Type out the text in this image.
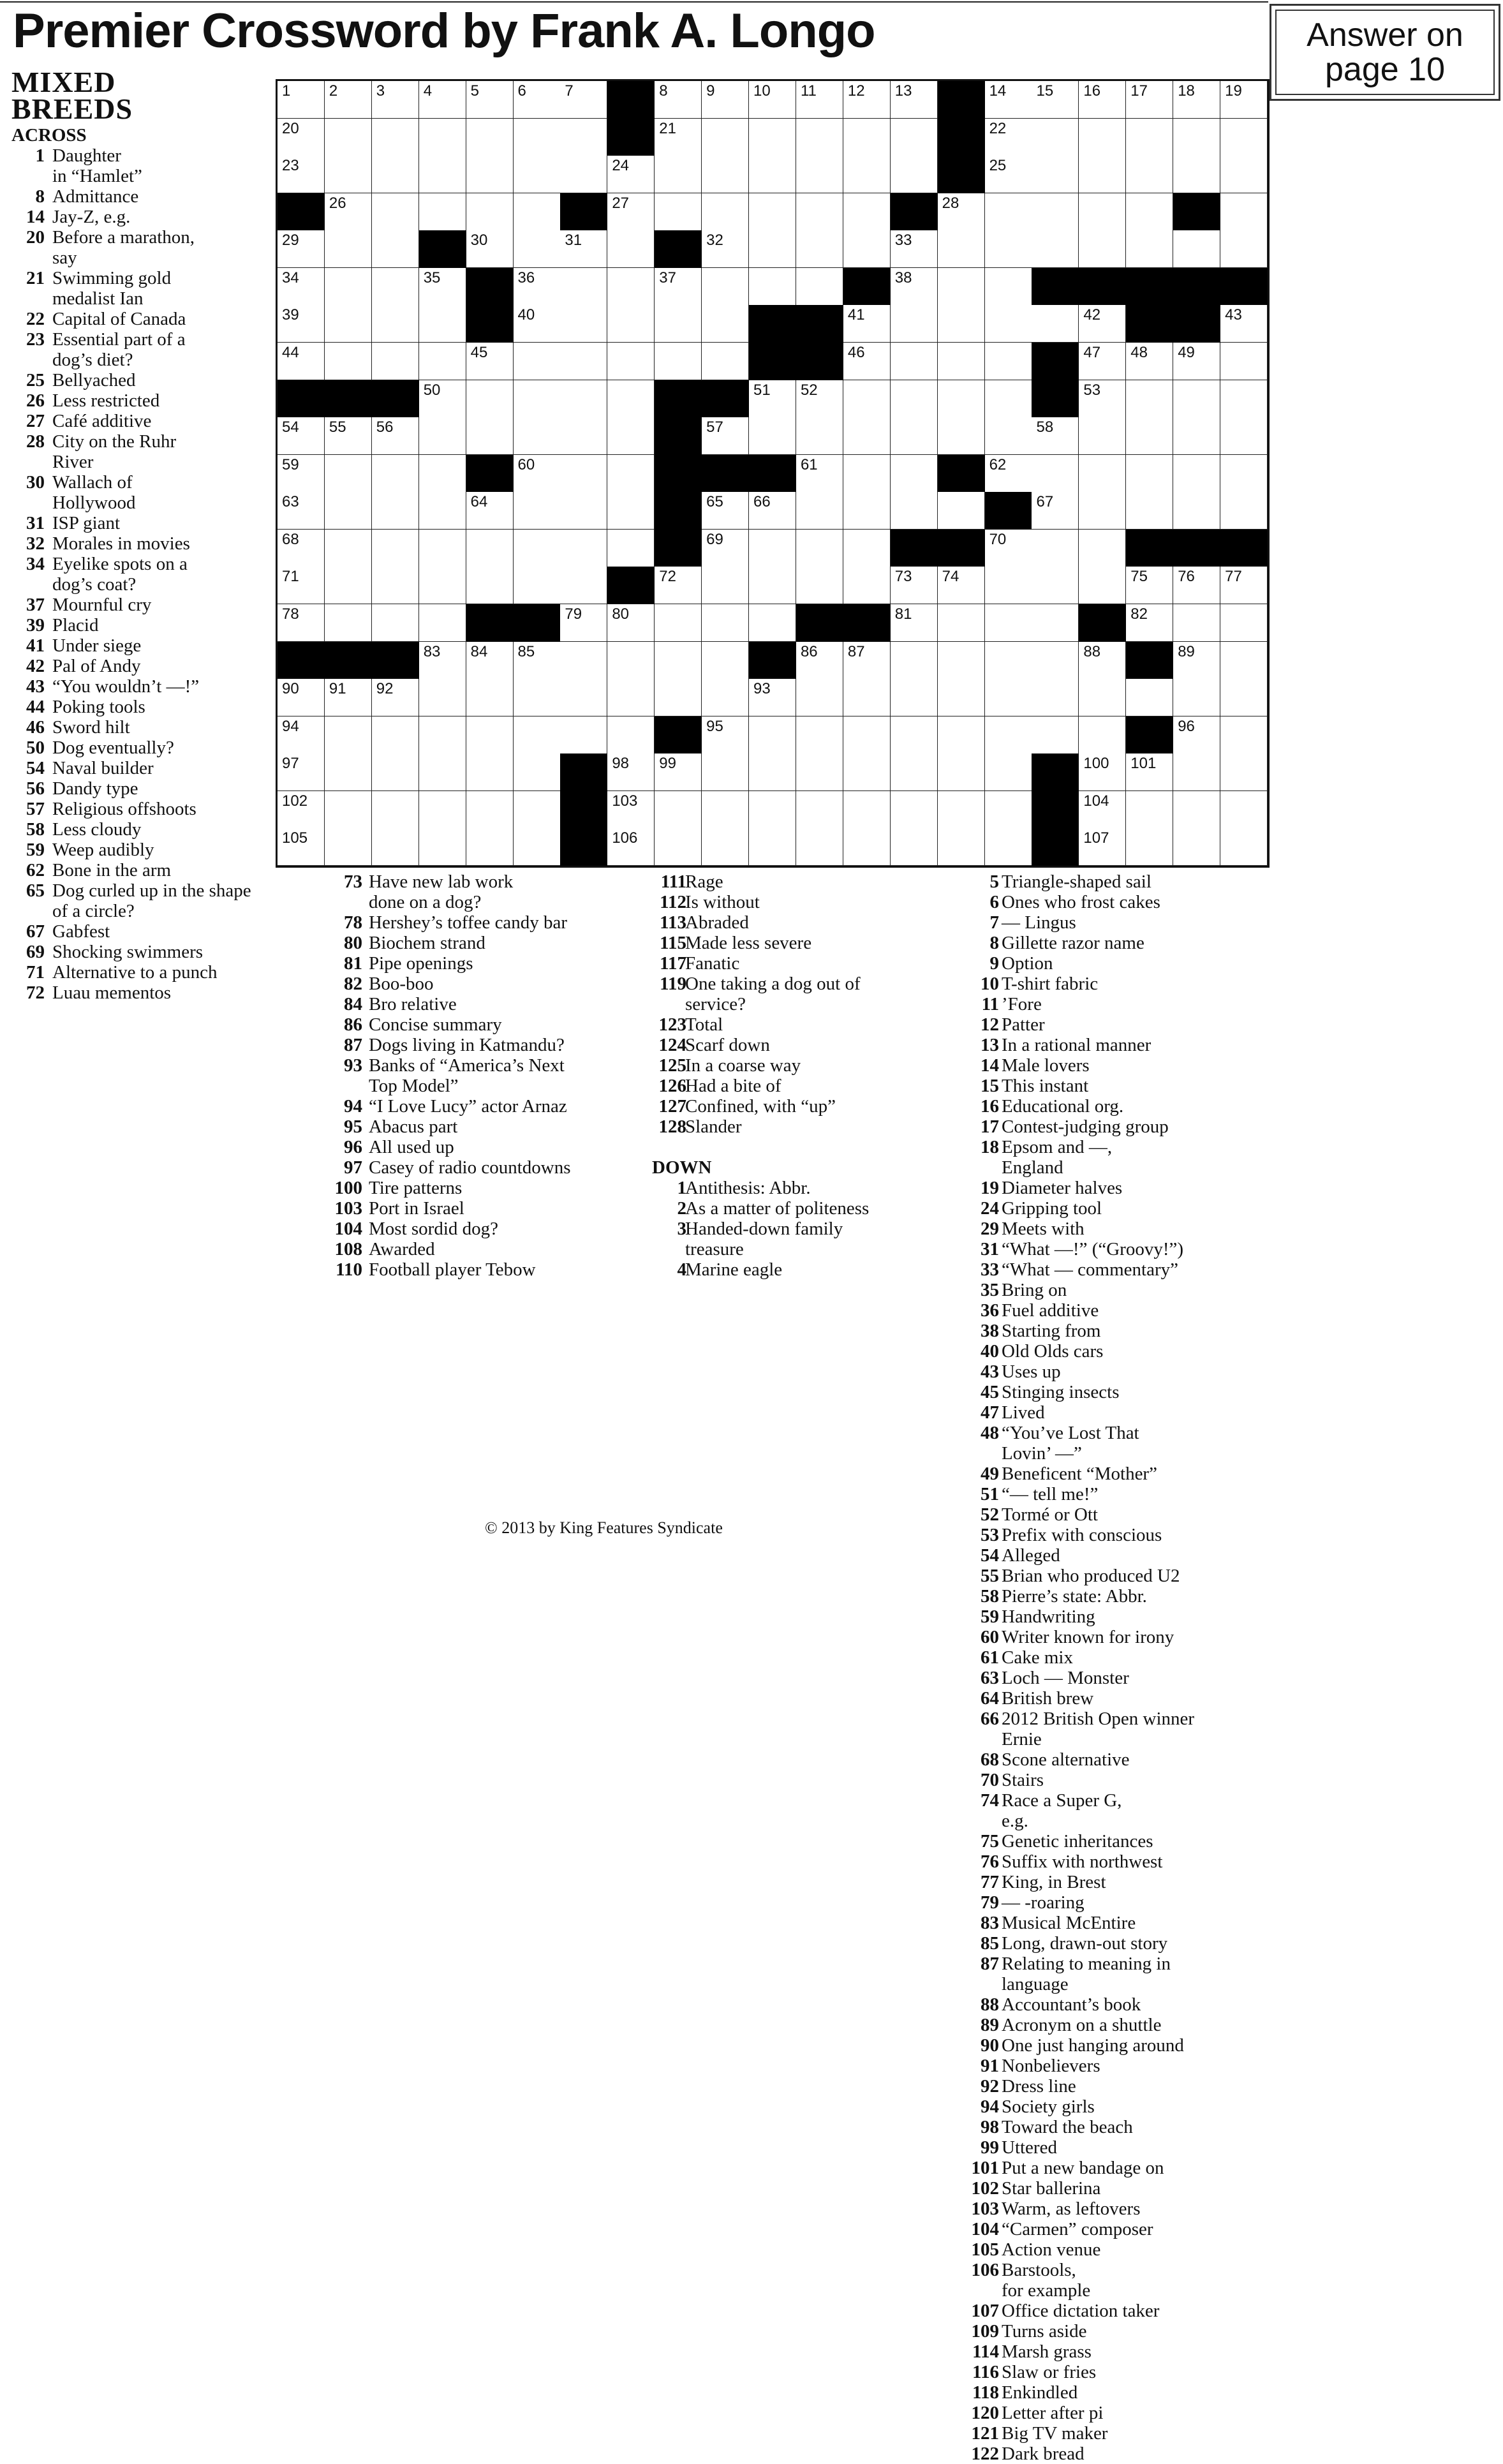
Premier Crossword by Frank A. Longo	Answer on
page 10
MIXED
BREEDS
1	2	3	4	5	6	7	8	9	10 11 12 13	14 15 16 17 18 19
20	21	22
23	24	25
26	27	28
29	30	31	32	33
34	35	36	37	38
39	40	41	42	43
44	45	46	47 48 49
50	51 52	53
54 55 56	57	58
59	60	61	62
63	64	65 66	67
68	69	70
71	72	73 74	75 76 77
78	79 80	81	82
83 84 85	86 87	88	89
90 91 92	93
94	95	96
97	98 99	100 101
102	103	104
105	106	107
ACROSS
1 Daughter
in “Hamlet”
8 Admittance
14 Jay-Z, e.g.
20 Before a marathon,
say
21 Swimming gold
medalist Ian
22 Capital of Canada
23 Essential part of a
dog’s diet?
25 Bellyached
26 Less restricted
27 Café additive
28 City on the Ruhr
River
30 Wallach of
Hollywood
31 ISP giant
32 Morales in movies
34 Eyelike spots on a
dog’s coat?
37 Mournful cry
39 Placid
41 Under siege
42 Pal of Andy
43 “You wouldn’t —!”
44 Poking tools
46 Sword hilt
50 Dog eventually?
54 Naval builder
56 Dandy type
57 Religious offshoots
58 Less cloudy
59 Weep audibly
62 Bone in the arm
65 Dog curled up in the shape
of a circle?
67 Gabfest
69 Shocking swimmers
71 Alternative to a punch
72 Luau mementos
73 Have new lab work
done on a dog?
78 Hershey’s toffee candy bar
80 Biochem strand
81 Pipe openings
82 Boo-boo
84 Bro relative
86 Concise summary
87 Dogs living in Katmandu?
93 Banks of “America’s Next
Top Model”
94 “I Love Lucy” actor Arnaz
95 Abacus part
96 All used up
97 Casey of radio countdowns
100 Tire patterns
103 Port in Israel
104 Most sordid dog?
108 Awarded
110 Football player Tebow
111
Rage
112
Is without
113
Abraded
115
Made less severe
117
Fanatic
119
One taking a dog out of
service?
123
Total
124
Scarf down
125
In a coarse way
126
Had a bite of
127
Confined, with “up”
128
Slander
DOWN
1
Antithesis: Abbr.
2
As a matter of politeness
3
Handed-down family
treasure
4
Marine eagle
5 Triangle-shaped sail
6 Ones who frost cakes
7 — Lingus
8 Gillette razor name
9 Option
10 T-shirt fabric
11 ’Fore
12 Patter
13 In a rational manner
14 Male lovers
15 This instant
16 Educational org.
17 Contest-judging group
18 Epsom and —,
England
19 Diameter halves
24 Gripping tool
29 Meets with
31 “What —!” (“Groovy!”)
33 “What — commentary”
35 Bring on
36 Fuel additive
38 Starting from
40 Old Olds cars
43 Uses up
45 Stinging insects
47 Lived
48 “You’ve Lost That
Lovin’ —”
49 Beneficent “Mother”
51 “— tell me!”
52 Tormé or Ott
53 Prefix with conscious
54 Alleged
55 Brian who produced U2
58 Pierre’s state: Abbr.
59 Handwriting
60 Writer known for irony
61 Cake mix
63 Loch — Monster
64 British brew
66 2012 British Open winner
Ernie
68 Scone alternative
70 Stairs
74 Race a Super G,
e.g.
75 Genetic inheritances
76 Suffix with northwest
77 King, in Brest
79 — -roaring
83 Musical McEntire
85 Long, drawn-out story
87 Relating to meaning in
language
88 Accountant’s book
89 Acronym on a shuttle
90 One just hanging around
91 Nonbelievers
92 Dress line
94 Society girls
98 Toward the beach
99 Uttered
101 Put a new bandage on
102 Star ballerina
103 Warm, as leftovers
104 “Carmen” composer
105 Action venue
106 Barstools,
for example
107 Office dictation taker
109 Turns aside
114 Marsh grass
116 Slaw or fries
118 Enkindled
120 Letter after pi
121 Big TV maker
122 Dark bread
© 2013 by King Features Syndicate
